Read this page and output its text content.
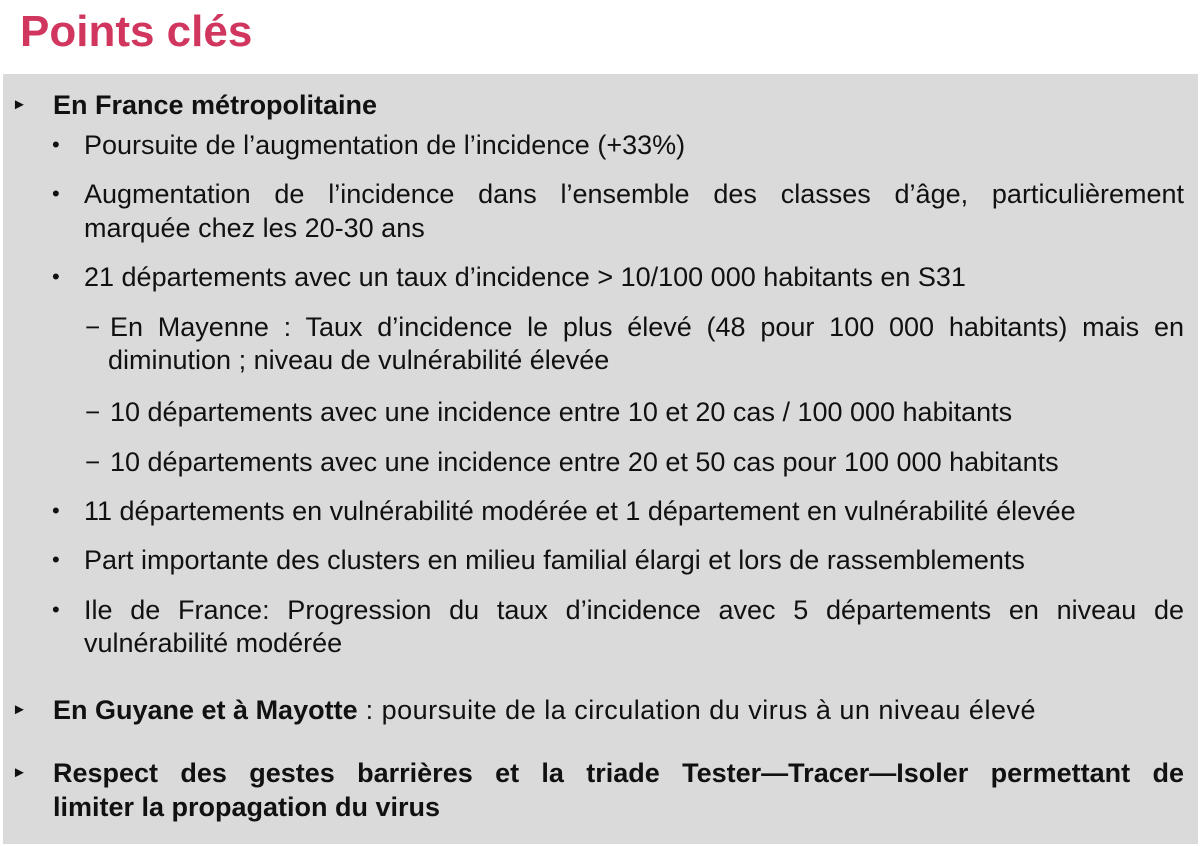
Points clés
► En France métropolitaine
• Poursuite de l’augmentation de l’incidence (+33%)
• Augmentation de l’incidence dans l’ensemble des classes d’âge, particulièrement
marquée chez les 20-30 ans
• 21 départements avec un taux d’incidence > 10/100 000 habitants en S31
− En Mayenne : Taux d’incidence le plus élevé (48 pour 100 000 habitants) mais en
diminution ; niveau de vulnérabilité élevée
− 10 départements avec une incidence entre 10 et 20 cas / 100 000 habitants
− 10 départements avec une incidence entre 20 et 50 cas pour 100 000 habitants
• 11 départements en vulnérabilité modérée et 1 département en vulnérabilité élevée
• Part importante des clusters en milieu familial élargi et lors de rassemblements
• Ile de France: Progression du taux d’incidence avec 5 départements en niveau de
vulnérabilité modérée
► En Guyane et à Mayotte : poursuite de la circulation du virus à un niveau élevé
► Respect des gestes barrières et la triade Tester—Tracer—Isoler permettant de
limiter la propagation du virus
